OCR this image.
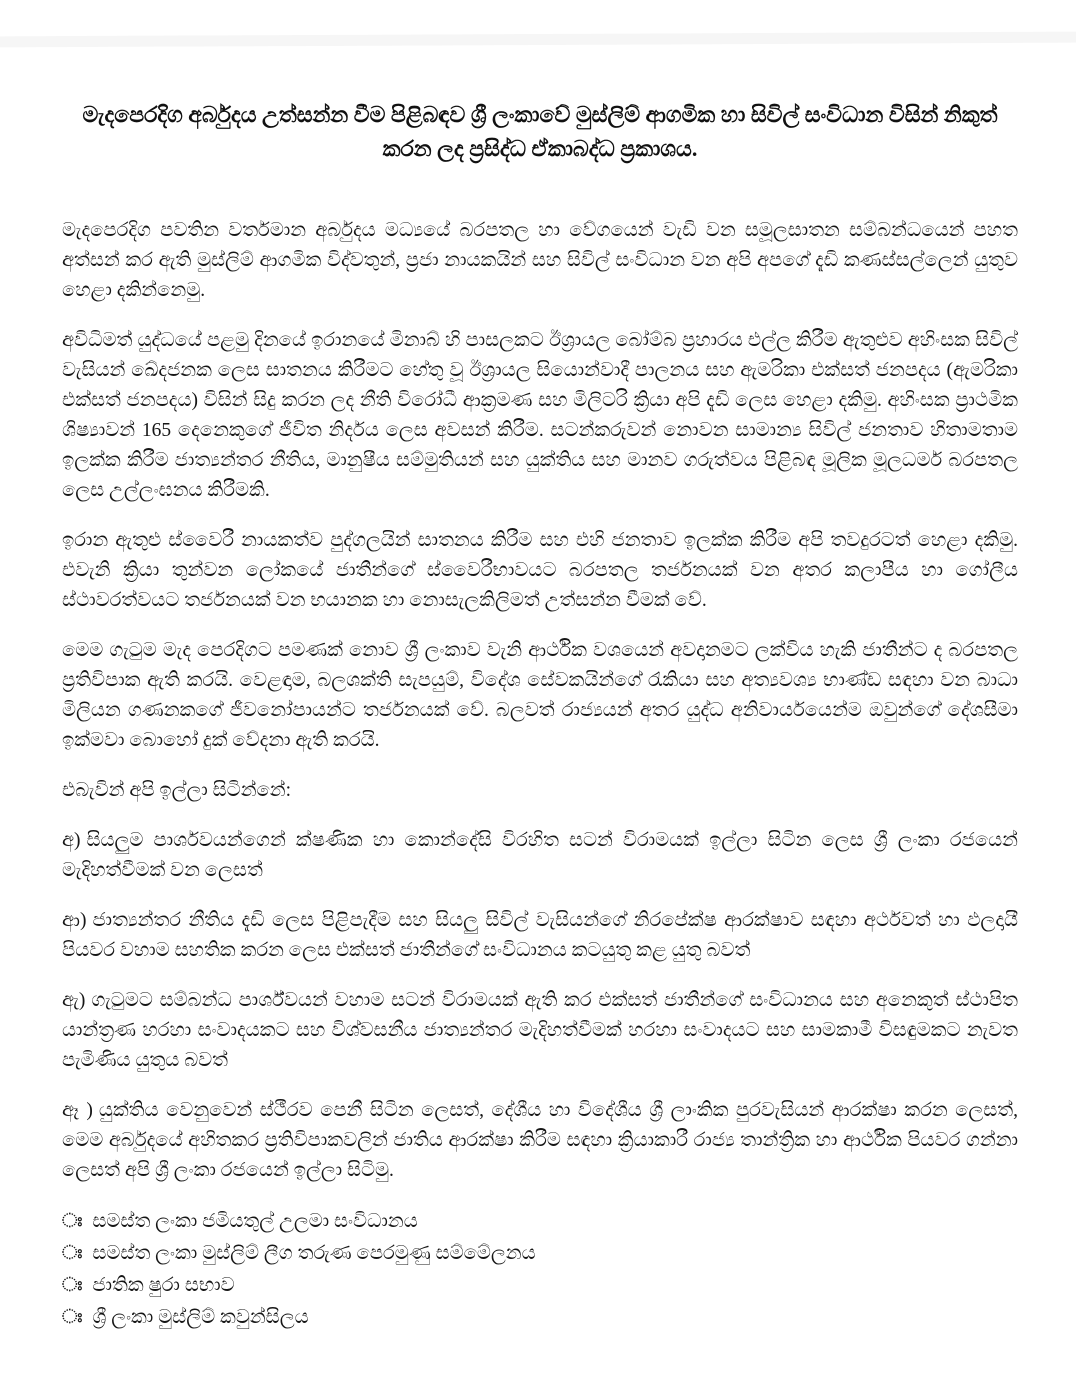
මැදපෙරදිග අර්බුදය උත්සන්න වීම පිළිබඳව ශ්‍රී ලංකාවේ මුස්ලිම් ආගමික හා සිවිල් සංවිධාන විසින් නිකුත් කරන ලද ප්‍රසිද්ධ ඒකාබද්ධ ප්‍රකාශය.

මැදපෙරදිග පවතින වර්තමාන අර්බුදය මධ්‍යයේ බරපතල හා වේගයෙන් වැඩි වන සමූලසාතන සම්බන්ධයෙන් පහත අත්සන් කර ඇති මුස්ලිම් ආගමික විද්වතුන්, ප්‍රජා නායකයින් සහ සිවිල් සංවිධාන වන අපි අපගේ දැඩි කණස්සල්ලෙන් යුතුව හෙළා දකින්නෙමු.

අවිධිමත් යුද්ධයේ පළමු දිනයේ ඉරානයේ මිනාබ් හි පාසලකට ඊශ්‍රායල බෝම්බ ප්‍රහාරය එල්ල කිරීම ඇතුළුව අහිංසක සිවිල් වැසියන් ඛේදජනක ලෙස සාතනය කිරීමට හේතු වූ ඊශ්‍රායල සියොන්වාදී පාලනය සහ ඇමරිකා එක්සත් ජනපදය (ඇමරිකා එක්සත් ජනපදය) විසින් සිදු කරන ලද නීති විරෝධී ආක්‍රමණ සහ මිලිටරි ක්‍රියා අපි දැඩි ලෙස හෙළා දකිමු. අහිංසක ප්‍රාථමික ශිෂ්‍යාවන් 165 දෙනෙකුගේ ජීවිත නිර්දය ලෙස අවසන් කිරීම. සටන්කරුවන් නොවන සාමාන්‍ය සිවිල් ජනතාව හිතාමතාම ඉලක්ක කිරීම ජාත්‍යන්තර නීතිය, මානුෂීය සම්මුතියන් සහ යුක්තිය සහ මානව ගරුත්වය පිළිබඳ මූලික මූලධර්ම බරපතල ලෙස උල්ලංඝනය කිරීමකි.

ඉරාන ඇතුළු ස්වෛරී නායකත්ව පුද්ගලයින් සාතනය කිරීම සහ එහි ජනතාව ඉලක්ක කිරීම අපි තවදුරටත් හෙළා දකිමු. එවැනි ක්‍රියා තුන්වන ලෝකයේ ජාතීන්ගේ ස්වෛරීභාවයට බරපතල තර්ජනයක් වන අතර කලාපීය හා ගෝලීය ස්ථාවරත්වයට තර්ජනයක් වන භයානක හා නොසැලකිලිමත් උත්සන්න වීමක් වේ.

මෙම ගැටුම මැද පෙරදිගට පමණක් නොව ශ්‍රී ලංකාව වැනි ආර්ථික වශයෙන් අවදානමට ලක්විය හැකි ජාතීන්ට ද බරපතල ප්‍රතිවිපාක ඇති කරයි. වෙළඳාම, බලශක්ති සැපයුම්, විදේශ සේවකයින්ගේ රැකියා සහ අත්‍යවශ්‍ය භාණ්ඩ සඳහා වන බාධා මිලියන ගණනකගේ ජීවනෝපායන්ට තර්ජනයක් වේ. බලවත් රාජ්‍යයන් අතර යුද්ධ අනිවාර්යයෙන්ම ඔවුන්ගේ දේශසීමා ඉක්මවා බොහෝ දුක් වේදනා ඇති කරයි.

එබැවින් අපි ඉල්ලා සිටින්නේ:

අ) සියලුම පාර්ශවයන්ගෙන් ක්ෂණික හා කොන්දේසි විරහිත සටන් විරාමයක් ඉල්ලා සිටින ලෙස ශ්‍රී ලංකා රජයෙන් මැදිහත්වීමක් වන ලෙසත්

ආ) ජාත්‍යන්තර නීතිය දැඩි ලෙස පිළිපැදීම සහ සියලු සිවිල් වැසියන්ගේ නිරපේක්ෂ ආරක්ෂාව සඳහා අර්ථවත් හා ඵලදායී පියවර වහාම සහතික කරන ලෙස එක්සත් ජාතීන්ගේ සංවිධානය කටයුතු කළ යුතු බවත්

ඇ) ගැටුමට සම්බන්ධ පාර්ශ්වයන් වහාම සටන් විරාමයක් ඇති කර එක්සත් ජාතීන්ගේ සංවිධානය සහ අනෙකුත් ස්ථාපිත යාන්ත්‍රණ හරහා සංවාදයකට සහ විශ්වසනීය ජාත්‍යන්තර මැදිහත්වීමක් හරහා සංවාදයට සහ සාමකාමී විසඳුමකට නැවත පැමිණිය යුතුය බවත්

ඈ ) යුක්තිය වෙනුවෙන් ස්ථීරව පෙනී සිටින ලෙසත්, දේශීය හා විදේශීය ශ්‍රී ලාංකික පුරවැසියන් ආරක්ෂා කරන ලෙසත්, මෙම අර්බුදයේ අහිතකර ප්‍රතිවිපාකවලින් ජාතිය ආරක්ෂා කිරීම සඳහා ක්‍රියාකාරී රාජ්‍ය තාන්ත්‍රික හා ආර්ථික පියවර ගන්නා ලෙසත් අපි ශ්‍රී ලංකා රජයෙන් ඉල්ලා සිටිමු.

ඃ සමස්ත ලංකා ජමියතුල් උලමා සංවිධානය
ඃ සමස්ත ලංකා මුස්ලිම් ලීග තරුණ පෙරමුණු සම්මේලනය
ඃ ජාතික ෂුරා සභාව
ඃ ශ්‍රී ලංකා මුස්ලිම් කවුන්සිලය
